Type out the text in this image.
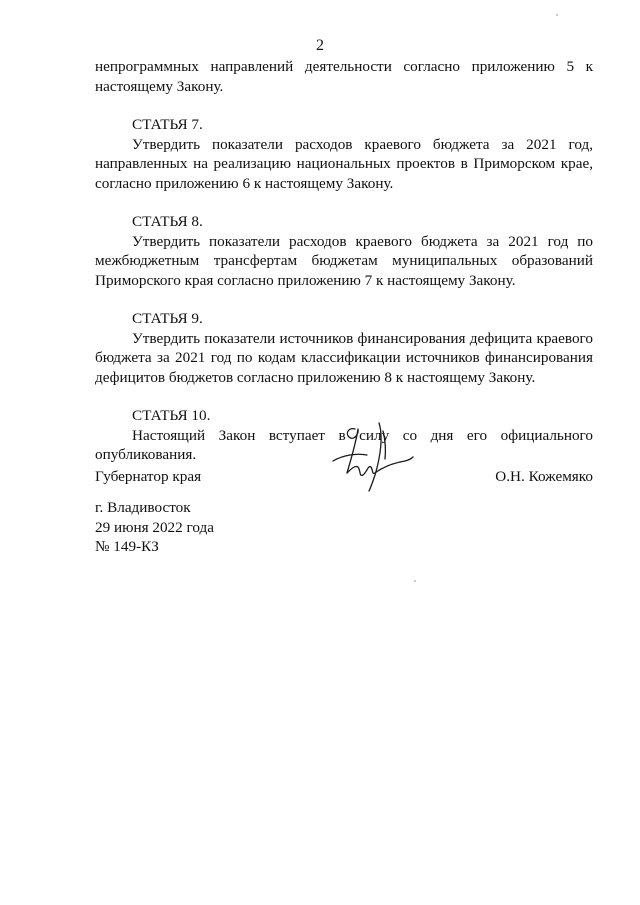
2

непрограммных направлений деятельности согласно приложению 5 к настоящему Закону.

СТАТЬЯ 7.

Утвердить показатели расходов краевого бюджета за 2021 год, направленных на реализацию национальных проектов в Приморском крае, согласно приложению 6 к настоящему Закону.

СТАТЬЯ 8.

Утвердить показатели расходов краевого бюджета за 2021 год по межбюджетным трансфертам бюджетам муниципальных образований Приморского края согласно приложению 7 к настоящему Закону.

СТАТЬЯ 9.

Утвердить показатели источников финансирования дефицита краевого бюджета за 2021 год по кодам классификации источников финансирования дефицитов бюджетов согласно приложению 8 к настоящему Закону.

СТАТЬЯ 10.

Настоящий Закон вступает в силу со дня его официального опубликования.

Губернатор края	О.Н. Кожемяко
г. Владивосток
29 июня 2022 года
№ 149-КЗ
